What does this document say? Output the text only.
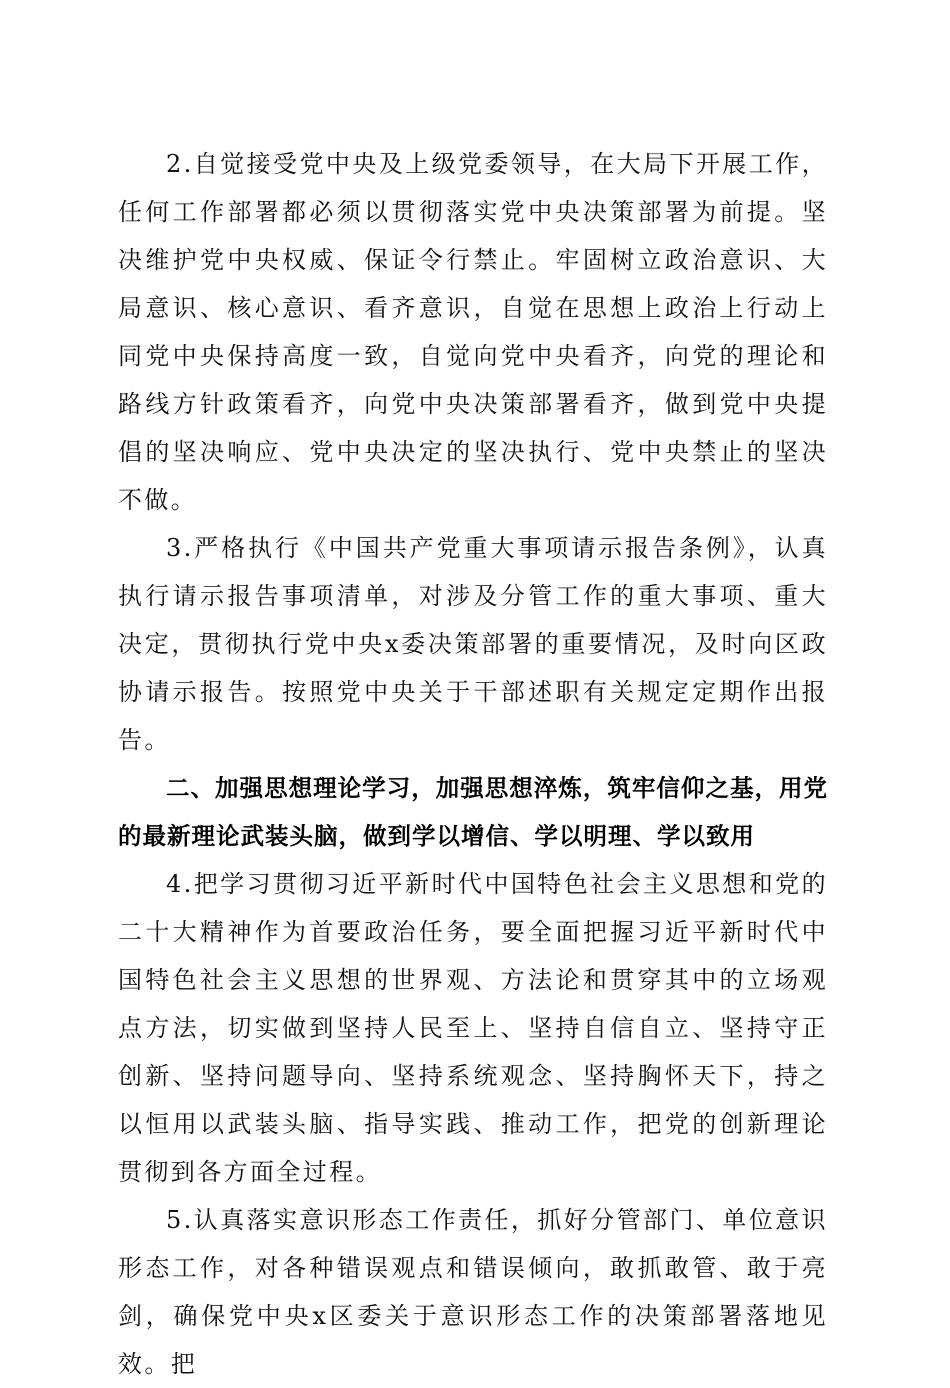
2.自觉接受党中央及上级党委领导，在大局下开展工作，任何工作部署都必须以贯彻落实党中央决策部署为前提。坚决维护党中央权威、保证令行禁止。牢固树立政治意识、大局意识、核心意识、看齐意识，自觉在思想上政治上行动上同党中央保持高度一致，自觉向党中央看齐，向党的理论和路线方针政策看齐，向党中央决策部署看齐，做到党中央提倡的坚决响应、党中央决定的坚决执行、党中央禁止的坚决不做。

3.严格执行《中国共产党重大事项请示报告条例》，认真执行请示报告事项清单，对涉及分管工作的重大事项、重大决定，贯彻执行党中央x委决策部署的重要情况，及时向区政协请示报告。按照党中央关于干部述职有关规定定期作出报告。

二、加强思想理论学习，加强思想淬炼，筑牢信仰之基，用党的最新理论武装头脑，做到学以增信、学以明理、学以致用

4.把学习贯彻习近平新时代中国特色社会主义思想和党的二十大精神作为首要政治任务，要全面把握习近平新时代中国特色社会主义思想的世界观、方法论和贯穿其中的立场观点方法，切实做到坚持人民至上、坚持自信自立、坚持守正创新、坚持问题导向、坚持系统观念、坚持胸怀天下，持之以恒用以武装头脑、指导实践、推动工作，把党的创新理论贯彻到各方面全过程。

5.认真落实意识形态工作责任，抓好分管部门、单位意识形态工作，对各种错误观点和错误倾向，敢抓敢管、敢于亮剑，确保党中央x区委关于意识形态工作的决策部署落地见效。把
